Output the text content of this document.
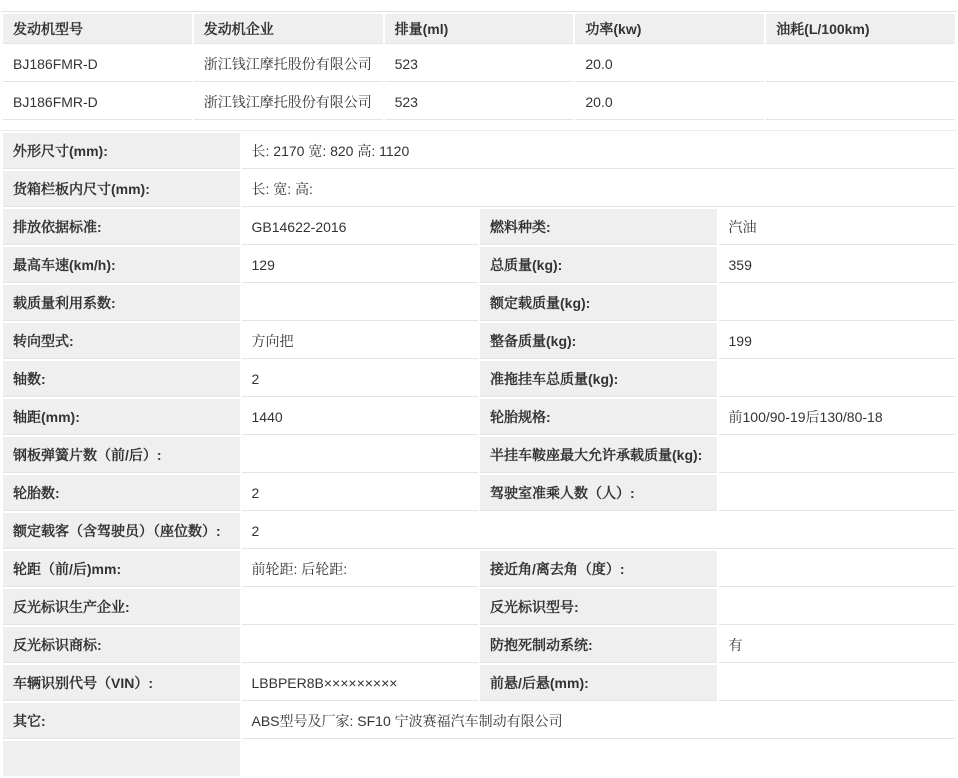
发动机型号	发动机企业	排量(ml)	功率(kw)	油耗(L/100km)
BJ186FMR-D	浙江钱江摩托股份有限公司	523	20.0	
BJ186FMR-D	浙江钱江摩托股份有限公司	523	20.0	
外形尺寸(mm):	长: 2170 宽: 820 高: 1120		
货箱栏板内尺寸(mm):	长: 宽: 高:		
排放依据标准:	GB14622-2016	燃料种类:	汽油
最高车速(km/h):	129	总质量(kg):	359
载质量利用系数:		额定载质量(kg):	
转向型式:	方向把	整备质量(kg):	199
轴数:	2	准拖挂车总质量(kg):	
轴距(mm):	1440	轮胎规格:	前100/90-19后130/80-18
钢板弹簧片数（前/后）:		半挂车鞍座最大允许承载质量(kg):	
轮胎数:	2	驾驶室准乘人数（人）:	
额定载客（含驾驶员）（座位数）:	2		
轮距（前/后)mm:	前轮距: 后轮距:	接近角/离去角（度）:	
反光标识生产企业:		反光标识型号:	
反光标识商标:		防抱死制动系统:	有
车辆识别代号（VIN）:	LBBPER8B×××××××××	前悬/后悬(mm):	
其它:	ABS型号及厂家: SF10 宁波赛福汽车制动有限公司		
